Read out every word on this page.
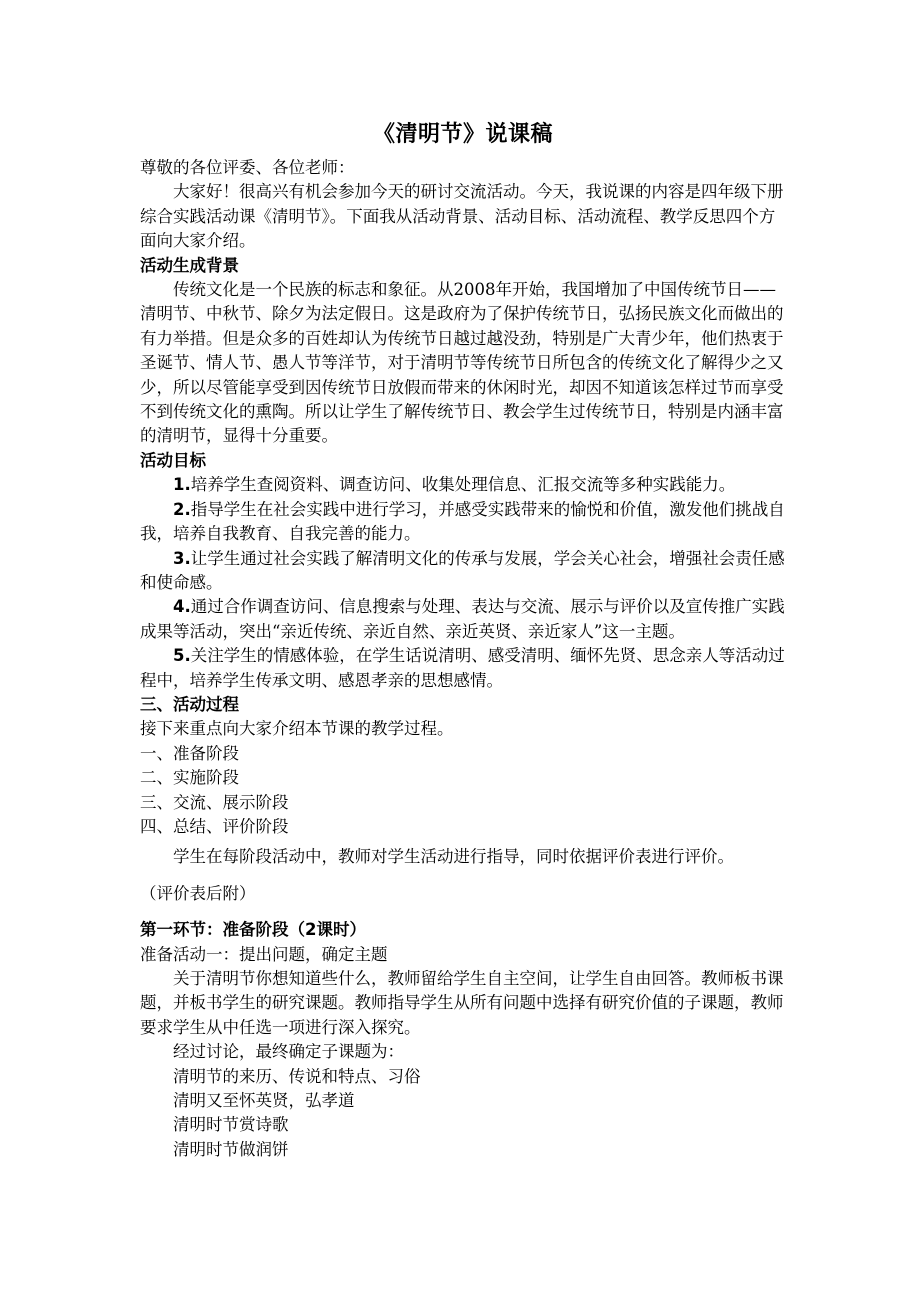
《清明节》说课稿

尊敬的各位评委、各位老师：

大家好！很高兴有机会参加今天的研讨交流活动。今天，我说课的内容是四年级下册综合实践活动课《清明节》。下面我从活动背景、活动目标、活动流程、教学反思四个方面向大家介绍。

活动生成背景

传统文化是一个民族的标志和象征。从2008年开始，我国增加了中国传统节日——清明节、中秋节、除夕为法定假日。这是政府为了保护传统节日，弘扬民族文化而做出的有力举措。但是众多的百姓却认为传统节日越过越没劲，特别是广大青少年，他们热衷于圣诞节、情人节、愚人节等洋节，对于清明节等传统节日所包含的传统文化了解得少之又少，所以尽管能享受到因传统节日放假而带来的休闲时光，却因不知道该怎样过节而享受不到传统文化的熏陶。所以让学生了解传统节日、教会学生过传统节日，特别是内涵丰富的清明节，显得十分重要。

活动目标

1.培养学生查阅资料、调查访问、收集处理信息、汇报交流等多种实践能力。

2.指导学生在社会实践中进行学习，并感受实践带来的愉悦和价值，激发他们挑战自我，培养自我教育、自我完善的能力。

3.让学生通过社会实践了解清明文化的传承与发展，学会关心社会，增强社会责任感和使命感。

4.通过合作调查访问、信息搜索与处理、表达与交流、展示与评价以及宣传推广实践成果等活动，突出“亲近传统、亲近自然、亲近英贤、亲近家人”这一主题。

5.关注学生的情感体验，在学生话说清明、感受清明、缅怀先贤、思念亲人等活动过程中，培养学生传承文明、感恩孝亲的思想感情。

三、活动过程

接下来重点向大家介绍本节课的教学过程。

一、准备阶段

二、实施阶段

三、交流、展示阶段

四、总结、评价阶段

学生在每阶段活动中，教师对学生活动进行指导，同时依据评价表进行评价。

（评价表后附）

第一环节：准备阶段（2课时）

准备活动一：提出问题，确定主题

关于清明节你想知道些什么，教师留给学生自主空间，让学生自由回答。教师板书课题，并板书学生的研究课题。教师指导学生从所有问题中选择有研究价值的子课题，教师要求学生从中任选一项进行深入探究。

经过讨论，最终确定子课题为：

清明节的来历、传说和特点、习俗

清明又至怀英贤，弘孝道

清明时节赏诗歌

清明时节做润饼
